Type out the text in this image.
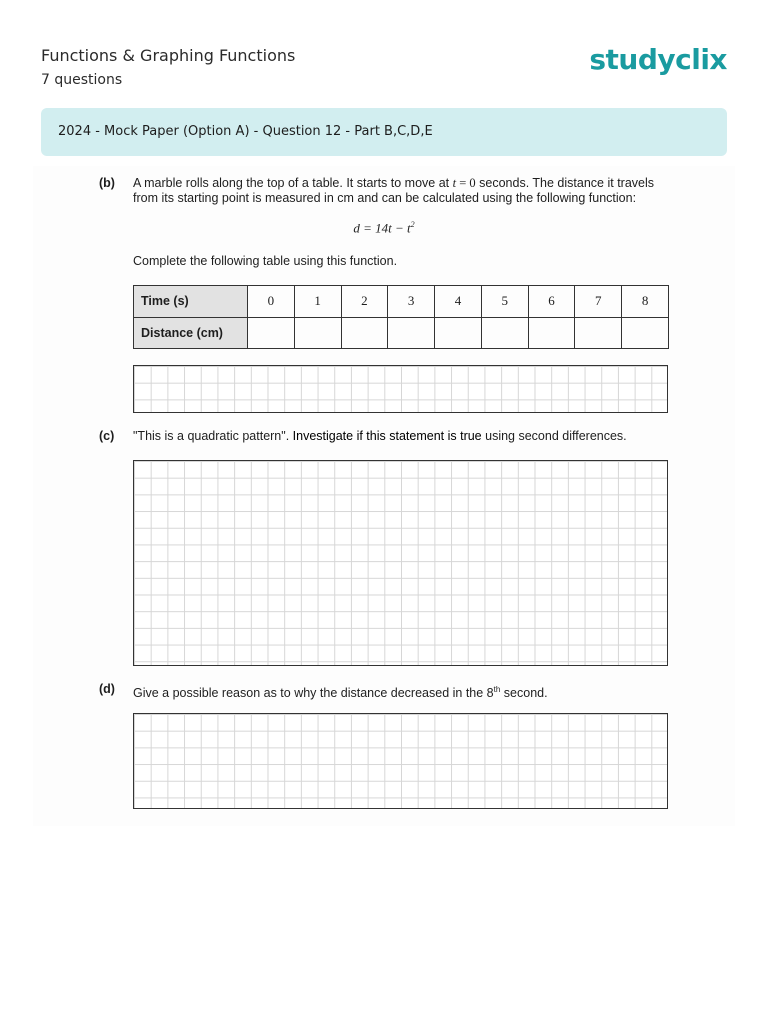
Functions & Graphing Functions
7 questions
studyclix
2024 - Mock Paper (Option A) - Question 12 - Part B,C,D,E
(b) A marble rolls along the top of a table. It starts to move at t = 0 seconds. The distance it travels from its starting point is measured in cm and can be calculated using the following function:
$d = 14t - t^2$
Complete the following table using this function.
Time (s)	0	1	2	3	4	5	6	7	8
Distance (cm)									
(c) "This is a quadratic pattern". Investigate if this statement is true using second differences.
(d) Give a possible reason as to why the distance decreased in the 8th second.
